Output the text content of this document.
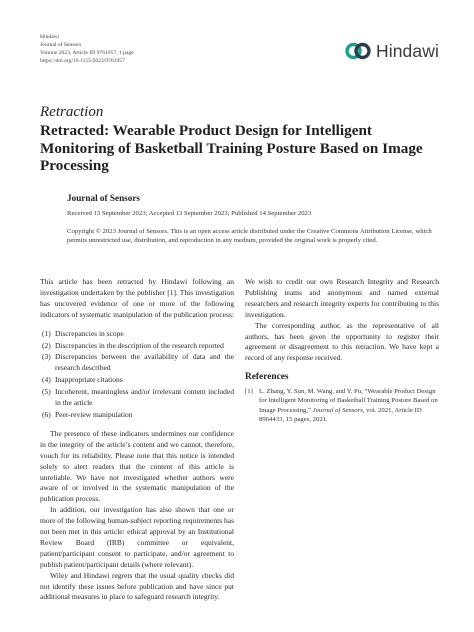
Hindawi
Journal of Sensors
Volume 2023, Article ID 9761957, 1 page
https://doi.org/10.1155/2023/9761957
Hindawi
Retraction
Retracted: Wearable Product Design for Intelligent Monitoring of Basketball Training Posture Based on Image Processing
Journal of Sensors
Received 13 September 2023; Accepted 13 September 2023; Published 14 September 2023
Copyright © 2023 Journal of Sensors. This is an open access article distributed under the Creative Commons Attribution License, which permits unrestricted use, distribution, and reproduction in any medium, provided the original work is properly cited.

This article has been retracted by Hindawi following an investigation undertaken by the publisher [1]. This investigation has uncovered evidence of one or more of the following indicators of systematic manipulation of the publication process:

(1) Discrepancies in scope
(2) Discrepancies in the description of the research reported
(3) Discrepancies between the availability of data and the research described
(4) Inappropriate citations
(5) Incoherent, meaningless and/or irrelevant content included in the article
(6) Peer-review manipulation

The presence of these indicators undermines our confidence in the integrity of the article’s content and we cannot, therefore, vouch for its reliability. Please note that this notice is intended solely to alert readers that the content of this article is unreliable. We have not investigated whether authors were aware of or involved in the systematic manipulation of the publication process.

In addition, our investigation has also shown that one or more of the following human-subject reporting requirements has not been met in this article: ethical approval by an Institutional Review Board (IRB) committee or equivalent, patient/participant consent to participate, and/or agreement to publish patient/participant details (where relevant).

Wiley and Hindawi regrets that the usual quality checks did not identify these issues before publication and have since put additional measures in place to safeguard research integrity.

We wish to credit our own Research Integrity and Research Publishing teams and anonymous and named external researchers and research integrity experts for contributing to this investigation.

The corresponding author, as the representative of all authors, has been given the opportunity to register their agreement or disagreement to this retraction. We have kept a record of any response received.

References
[1] L. Zhang, Y. Sun, M. Wang, and Y. Pu, “Wearable Product Design for Intelligent Monitoring of Basketball Training Posture Based on Image Processing,” Journal of Sensors, vol. 2021, Article ID 8964433, 15 pages, 2021.
